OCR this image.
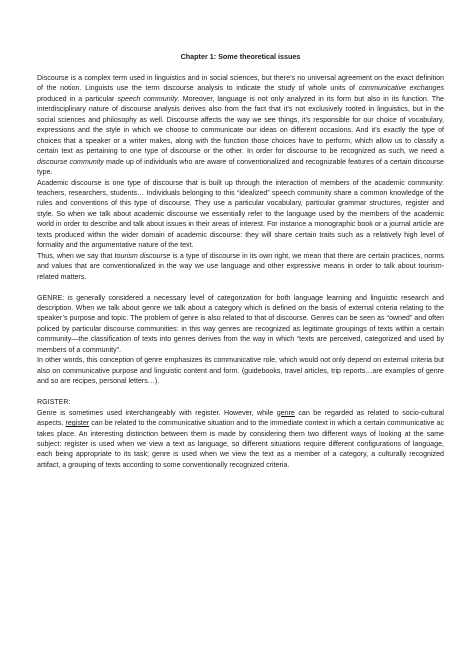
Chapter 1: Some theoretical issues

Discourse is a complex term used in linguistics and in social sciences, but there’s no universal agreement on the exact definition of the notion. Linguists use the term discourse analysis to indicate the study of whole units of communicative exchanges produced in a particular speech community. Moreover, language is not only analyzed in its form but also in its function. The interdisciplinary nature of discourse analysis derives also from the fact that it’s not exclusively rooted in linguistics, but in the social sciences and philosophy as well. Discourse affects the way we see things, it’s responsible for our choice of vocabulary, expressions and the style in which we choose to communicate our ideas on different occasions. And it’s exactly the type of choices that a speaker or a writer makes, along with the function those choices have to perform, which allow us to classify a certain text as pertaining to one type of discourse or the other. In order for discourse to be recognized as such, we need a discourse community made up of individuals who are aware of conventionalized and recognizable features of a certain discourse type.

Academic discourse is one type of discourse that is built up through the interaction of members of the academic community: teachers, researchers, students… Individuals belonging to this “idealized” speech community share a common knowledge of the rules and conventions of this type of discourse. They use a particular vocabulary, particular grammar structures, register and style. So when we talk about academic discourse we essentially refer to the language used by the members of the academic world in order to describe and talk about issues in their areas of interest. For instance a monographic book or a journal article are texts produced within the wider domain of academic discourse: they will share certain traits such as a relatively high level of formality and the argumentative nature of the text.

Thus, when we say that tourism discourse is a type of discourse in its own right, we mean that there are certain practices, norms and values that are conventionalized in the way we use language and other expressive means in order to talk about tourism-related matters.

GENRE: is generally considered a necessary level of categorization for both language learning and linguistic research and description. When we talk about genre we talk about a category which is defined on the basis of external criteria relating to the speaker’s purpose and topic. The problem of genre is also related to that of discourse. Genres can be seen as “owned” and often policed by particular discourse communities: in this way genres are recognized as legitimate groupings of texts within a certain community—the classification of texts into genres derives from the way in which “texts are perceived, categorized and used by members of a community”.

In other words, this conception of genre emphasizes its communicative role, which would not only depend on external criteria but also on communicative purpose and linguistic content and form. (guidebooks, travel articles, trip reports…are examples of genre and so are recipes, personal letters…).

RGISTER:

Genre is sometimes used interchangeably with register. However, while genre can be regarded as related to socio-cultural aspects, register can be related to the communicative situation and to the immediate context in which a certain communicative ac takes place. An interesting distinction between them is made by considering them two different ways of looking at the same subject: register is used when we view a text as language, so different situations require different configurations of language, each being appropriate to its task; genre is used when we view the text as a member of a category, a culturally recognized artifact, a grouping of texts according to some conventionally recognized criteria.
